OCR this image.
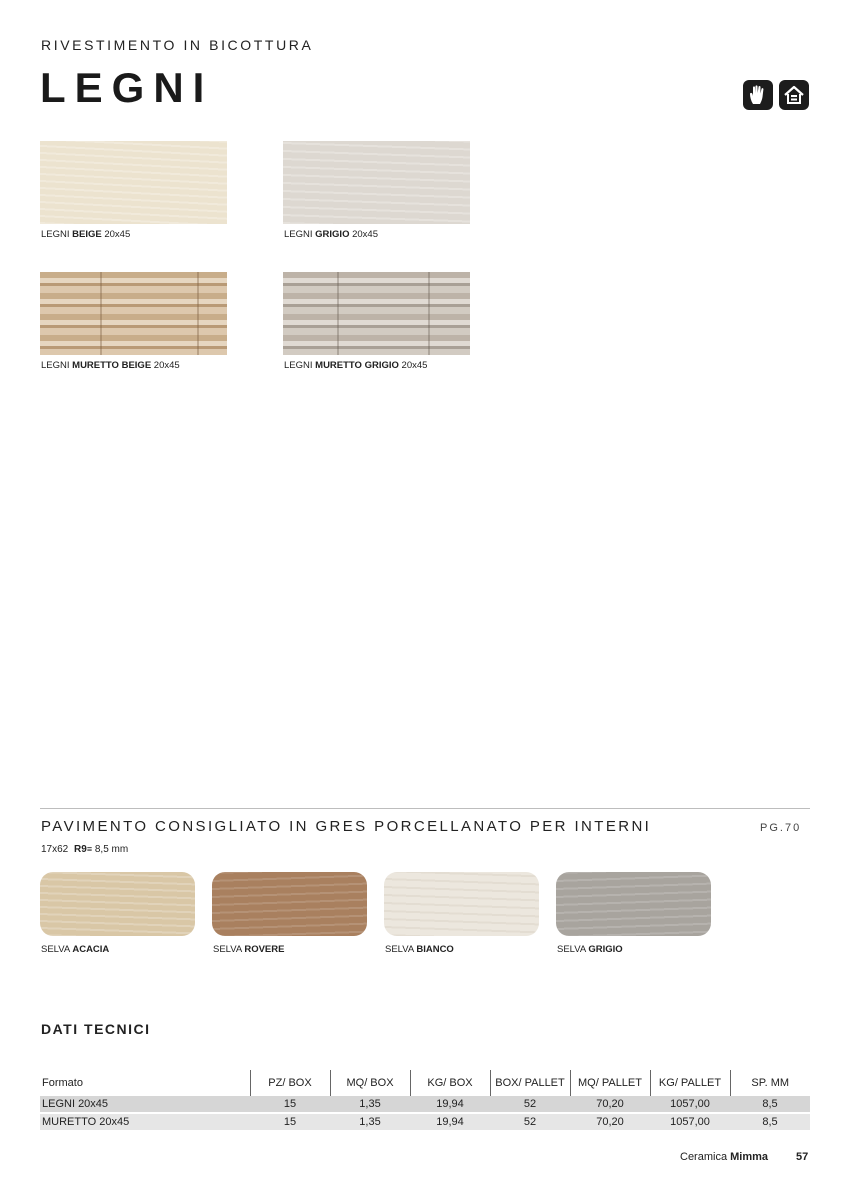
RIVESTIMENTO IN BICOTTURA
LEGNI
LEGNI BEIGE 20x45	LEGNI GRIGIO 20x45
LEGNI MURETTO BEIGE 20x45	LEGNI MURETTO GRIGIO 20x45
PAVIMENTO CONSIGLIATO IN GRES PORCELLANATO PER INTERNI	PG.70
17x62 R9≡ 8,5 mm
SELVA ACACIA	SELVA ROVERE	SELVA BIANCO	SELVA GRIGIO
DATI TECNICI
Formato	PZ/ BOX	MQ/ BOX	KG/ BOX	BOX/ PALLET	MQ/ PALLET	KG/ PALLET	SP. MM
LEGNI 20x45	15	1,35	19,94	52	70,20	1057,00	8,5
MURETTO 20x45	15	1,35	19,94	52	70,20	1057,00	8,5
Ceramica Mimma	57
